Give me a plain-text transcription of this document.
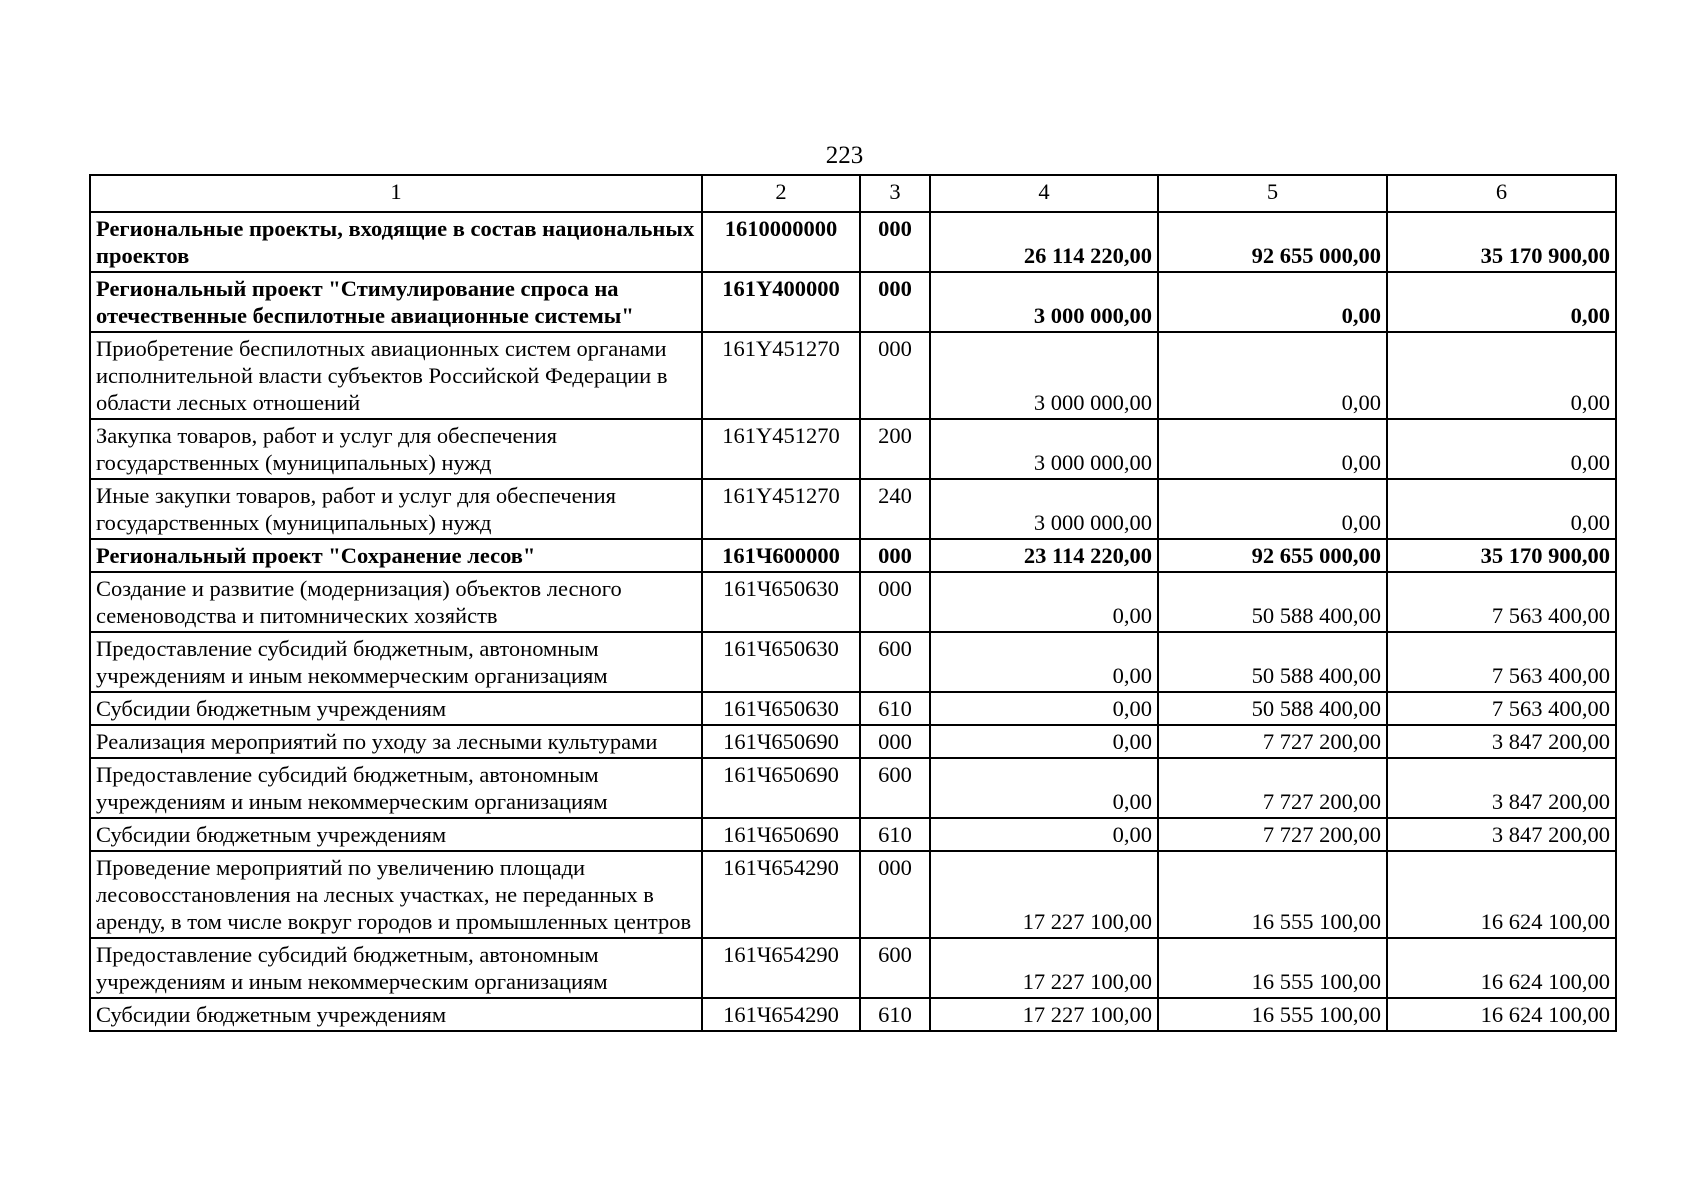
223
1	2	3	4	5	6
Региональные проекты, входящие в состав национальных проектов	1610000000	000	26 114 220,00	92 655 000,00	35 170 900,00
Региональный проект "Стимулирование спроса на отечественные беспилотные авиационные системы"	161Y400000	000	3 000 000,00	0,00	0,00
Приобретение беспилотных авиационных систем органами исполнительной власти субъектов Российской Федерации в области лесных отношений	161Y451270	000	3 000 000,00	0,00	0,00
Закупка товаров, работ и услуг для обеспечения государственных (муниципальных) нужд	161Y451270	200	3 000 000,00	0,00	0,00
Иные закупки товаров, работ и услуг для обеспечения государственных (муниципальных) нужд	161Y451270	240	3 000 000,00	0,00	0,00
Региональный проект "Сохранение лесов"	161Ч600000	000	23 114 220,00	92 655 000,00	35 170 900,00
Создание и развитие (модернизация) объектов лесного семеноводства и питомнических хозяйств	161Ч650630	000	0,00	50 588 400,00	7 563 400,00
Предоставление субсидий бюджетным, автономным учреждениям и иным некоммерческим организациям	161Ч650630	600	0,00	50 588 400,00	7 563 400,00
Субсидии бюджетным учреждениям	161Ч650630	610	0,00	50 588 400,00	7 563 400,00
Реализация мероприятий по уходу за лесными культурами	161Ч650690	000	0,00	7 727 200,00	3 847 200,00
Предоставление субсидий бюджетным, автономным учреждениям и иным некоммерческим организациям	161Ч650690	600	0,00	7 727 200,00	3 847 200,00
Субсидии бюджетным учреждениям	161Ч650690	610	0,00	7 727 200,00	3 847 200,00
Проведение мероприятий по увеличению площади лесовосстановления на лесных участках, не переданных в аренду, в том числе вокруг городов и промышленных центров	161Ч654290	000	17 227 100,00	16 555 100,00	16 624 100,00
Предоставление субсидий бюджетным, автономным учреждениям и иным некоммерческим организациям	161Ч654290	600	17 227 100,00	16 555 100,00	16 624 100,00
Субсидии бюджетным учреждениям	161Ч654290	610	17 227 100,00	16 555 100,00	16 624 100,00
